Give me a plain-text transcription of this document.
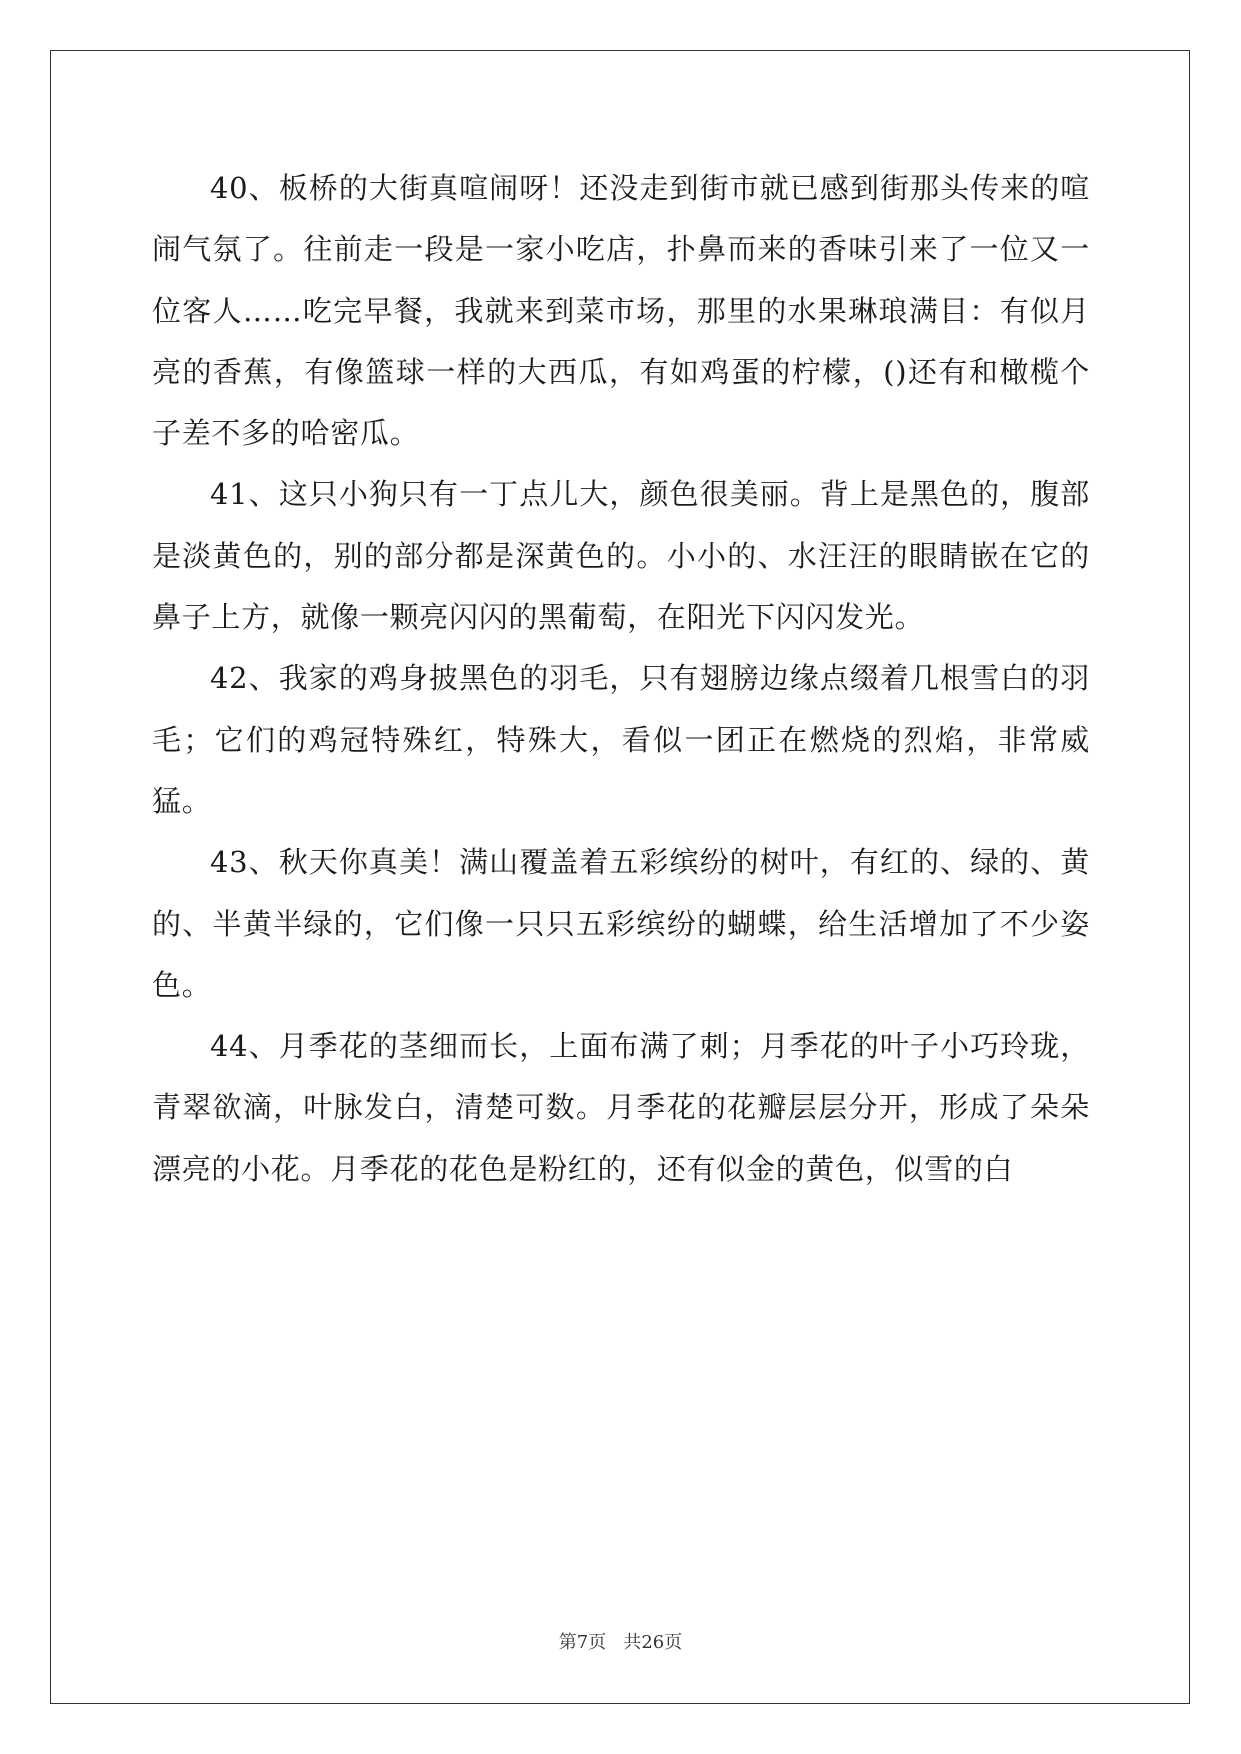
40、板桥的大街真喧闹呀！还没走到街市就已感到街那头传来的喧闹气氛了。往前走一段是一家小吃店，扑鼻而来的香味引来了一位又一位客人……吃完早餐，我就来到菜市场，那里的水果琳琅满目：有似月亮的香蕉，有像篮球一样的大西瓜，有如鸡蛋的柠檬，()还有和橄榄个子差不多的哈密瓜。

41、这只小狗只有一丁点儿大，颜色很美丽。背上是黑色的，腹部是淡黄色的，别的部分都是深黄色的。小小的、水汪汪的眼睛嵌在它的鼻子上方，就像一颗亮闪闪的黑葡萄，在阳光下闪闪发光。

42、我家的鸡身披黑色的羽毛，只有翅膀边缘点缀着几根雪白的羽毛；它们的鸡冠特殊红，特殊大，看似一团正在燃烧的烈焰，非常威猛。

43、秋天你真美！满山覆盖着五彩缤纷的树叶，有红的、绿的、黄的、半黄半绿的，它们像一只只五彩缤纷的蝴蝶，给生活增加了不少姿色。

44、月季花的茎细而长，上面布满了刺；月季花的叶子小巧玲珑，青翠欲滴，叶脉发白，清楚可数。月季花的花瓣层层分开，形成了朵朵漂亮的小花。月季花的花色是粉红的，还有似金的黄色，似雪的白

第7页   共26页
